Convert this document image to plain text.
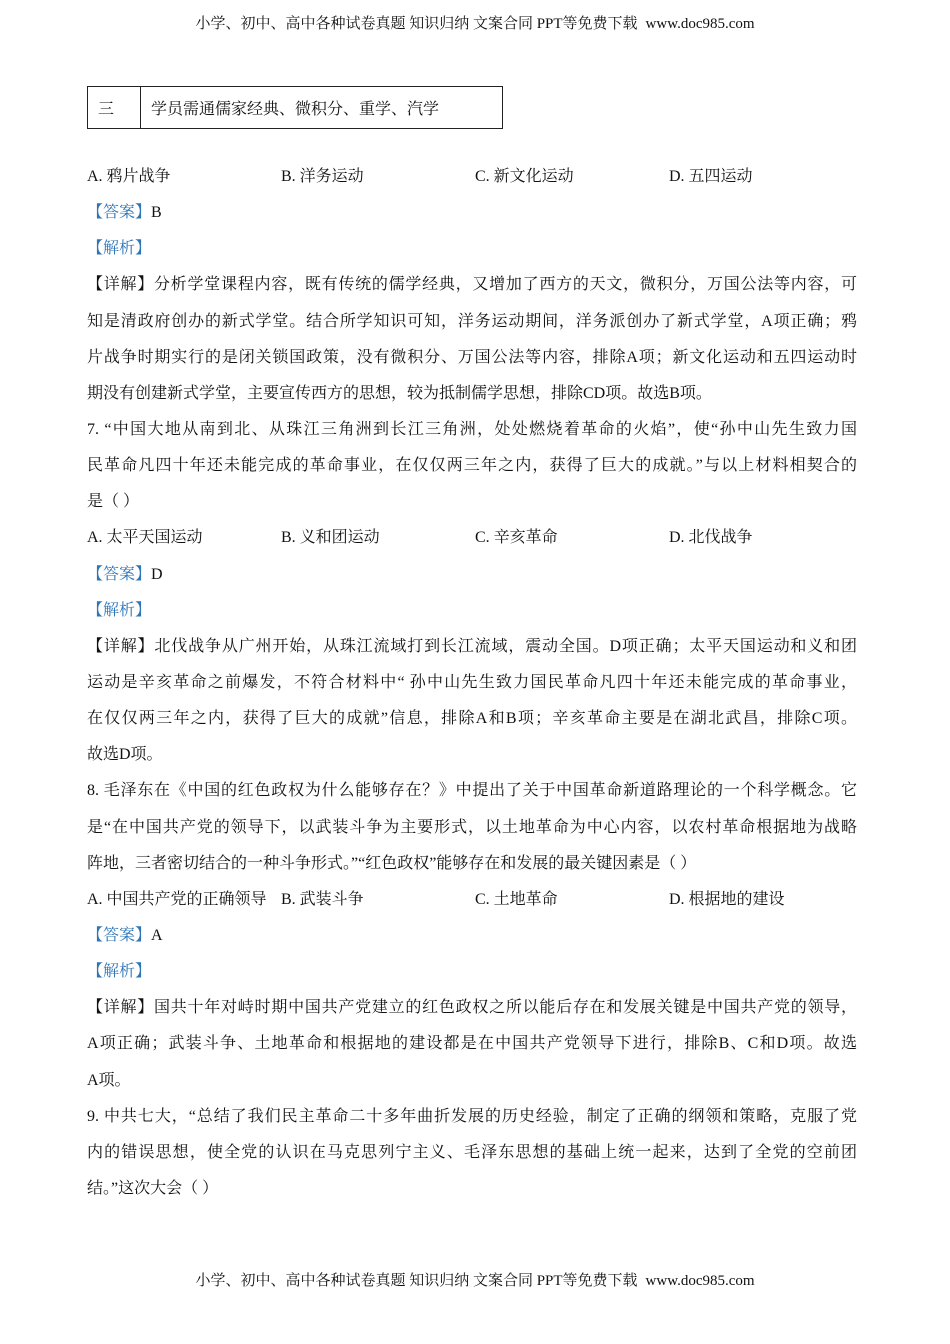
小学、初中、高中各种试卷真题 知识归纳 文案合同 PPT等免费下载 www.doc985.com
三	学员需通儒家经典、微积分、重学、汽学
A. 鸦片战争	B. 洋务运动	C. 新文化运动	D. 五四运动
【答案】B
【解析】
【详解】分析学堂课程内容，既有传统的儒学经典，又增加了西方的天文，微积分，万国公法等内容，可
知是清政府创办的新式学堂。结合所学知识可知，洋务运动期间，洋务派创办了新式学堂，A项正确；鸦
片战争时期实行的是闭关锁国政策，没有微积分、万国公法等内容，排除A项；新文化运动和五四运动时
期没有创建新式学堂，主要宣传西方的思想，较为抵制儒学思想，排除CD项。故选B项。
7. “中国大地从南到北、从珠江三角洲到长江三角洲，处处燃烧着革命的火焰”，使“孙中山先生致力国
民革命凡四十年还未能完成的革命事业，在仅仅两三年之内，获得了巨大的成就。”与以上材料相契合的
是（ ）
A. 太平天国运动	B. 义和团运动	C. 辛亥革命	D. 北伐战争
【答案】D
【解析】
【详解】北伐战争从广州开始，从珠江流域打到长江流域，震动全国。D项正确；太平天国运动和义和团
运动是辛亥革命之前爆发，不符合材料中“ 孙中山先生致力国民革命凡四十年还未能完成的革命事业，
在仅仅两三年之内，获得了巨大的成就”信息，排除A和B项；辛亥革命主要是在湖北武昌，排除C项。
故选D项。
8. 毛泽东在《中国的红色政权为什么能够存在？》中提出了关于中国革命新道路理论的一个科学概念。它
是“在中国共产党的领导下，以武装斗争为主要形式，以土地革命为中心内容，以农村革命根据地为战略
阵地，三者密切结合的一种斗争形式。”“红色政权”能够存在和发展的最关键因素是（ ）
A. 中国共产党的正确领导 B. 武装斗争	C. 土地革命	D. 根据地的建设
【答案】A
【解析】
【详解】国共十年对峙时期中国共产党建立的红色政权之所以能后存在和发展关键是中国共产党的领导，
A项正确；武装斗争、土地革命和根据地的建设都是在中国共产党领导下进行，排除B、C和D项。故选
A项。
9. 中共七大，“总结了我们民主革命二十多年曲折发展的历史经验，制定了正确的纲领和策略，克服了党
内的错误思想，使全党的认识在马克思列宁主义、毛泽东思想的基础上统一起来，达到了全党的空前团
结。”这次大会（ ）
小学、初中、高中各种试卷真题 知识归纳 文案合同 PPT等免费下载 www.doc985.com
